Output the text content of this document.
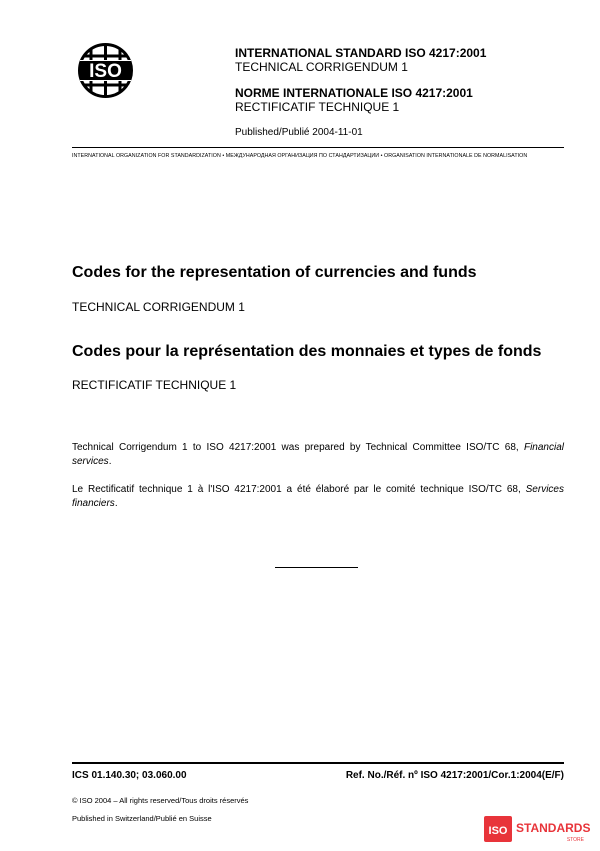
ISO
INTERNATIONAL STANDARD ISO 4217:2001
TECHNICAL CORRIGENDUM 1
NORME INTERNATIONALE ISO 4217:2001
RECTIFICATIF TECHNIQUE 1
Published/Publié 2004-11-01
INTERNATIONAL ORGANIZATION FOR STANDARDIZATION • МЕЖДУНАРОДНАЯ ОРГАНИЗАЦИЯ ПО СТАНДАРТИЗАЦИИ • ORGANISATION INTERNATIONALE DE NORMALISATION
Codes for the representation of currencies and funds
TECHNICAL CORRIGENDUM 1
Codes pour la représentation des monnaies et types de fonds
RECTIFICATIF TECHNIQUE 1
Technical Corrigendum 1 to ISO 4217:2001 was prepared by Technical Committee ISO/TC 68, Financial services.
Le Rectificatif technique 1 à l'ISO 4217:2001 a été élaboré par le comité technique ISO/TC 68, Services financiers.
ICS 01.140.30; 03.060.00	Ref. No./Réf. nº ISO 4217:2001/Cor.1:2004(E/F)
© ISO 2004 – All rights reserved/Tous droits réservés
Published in Switzerland/Publié en Suisse
ISO STANDARDS
STORE
